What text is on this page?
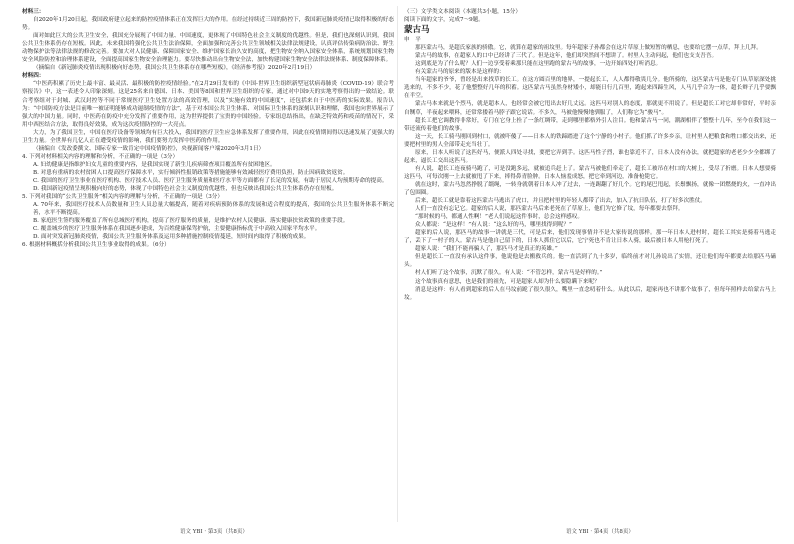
材料三：

自2020年1月20日起，我国政府建立起来的防控疫情体系正在发挥巨大的作用。在经过持续近三周的防控下，我国新冠肺炎疫情已取得积极的好态势。

面对如此巨大的公共卫生安全，我国充分展现了中国力量、中国速度，更体现了中国特色社会主义制度的优越性。但是，我们也深刻认识到，我国公共卫生体系仍存在短板。因此，未来我国将强化公共卫生法治保障，全面加强和完善公共卫生领域相关法律法规建设，认真评估传染病防治法、野生动物保护法等法律法规的修改完善。要加大对人民健康、保障国家安全、维护国家长治久安的高度，把生物安全纳入国家安全体系，系统规划国家生物安全风险防控和治理体系建设，全面提高国家生物安全治理能力。要尽快推动出台生物安全法，加快构建国家生物安全法律法规体系、制度保障体系。

（摘编自《新冠肺炎疫情出现积极向好态势，我国公共卫生体系存在哪些短板》，《经济参考报》2020年2月19日）

材料四：

“中医药积累了历史上最丰富、最灵活、最积极的防控疫情经验。”在2月29日发布的《中国-世界卫生组织新型冠状病毒肺炎（COVID-19）联合考察报告》中，这一表述令人印象深刻。这是25名来自德国、日本、美国等8国和世界卫生组织的专家，通过对中国9天的实地考察得出的一致结论。联合考察组对于封城、武汉封控等不同于常规医疗卫生处置方法的高效管理，以及“实施有效的中国速度”，还包括来自于中医药的实际效果。报告认为：“中国防疫方法是目前唯一被证明能够成功遏制疫情的方法”，基于对本国公共卫生体系、对国际卫生体系的深刻认识和理解，我国也向世界展示了强大的中国力量。同时，中医药在防疫中充分发挥了重要作用，这为世界提供了宝贵的中国经验。专家组总结指出，在缺乏特效药和疫苗的情况下，采用中西医结合方法，取得良好效果，成为这次疫情防控的一大亮点。

大力，为了我国卫生，中国在医疗设备等领域均有巨大投入，我国的医疗卫生应急体系发挥了重要作用，因此在疫情期间得以迅速发展了更强大的卫生力量。全世界有几亿人正在遭受疫情的影响，我们要努力发挥中医药的作用。

（摘编自《发改委撰文、国际专家一致肯定中国疫情防控》，央视新闻客户端2020年3月1日）

4. 下列对材料相关内容的理解和分析，不正确的一项是（3分）

A. 妇幼健康是指维护妇女儿童的重要内容，是我国实现了新生儿疾病筛查项目覆盖所有贫困地区。

B. 对患有重病的农村贫困人口提高医疗保障水平，实行倾斜性报销政策等措施能够有效减轻医疗费用负担，防止因病致贫返贫。

C. 我国的医疗卫生事业在医疗机构、医疗技术人员、医疗卫生服务质量和医疗水平等方面都有了长足的发展，有助于居民人均预期寿命的提高。

D. 我国新冠疫情呈现积极向好的态势，体现了中国特色社会主义制度的优越性，但也反映出我国公共卫生体系仍存在短板。

5. 下列对我国的“公共卫生服务”相关内容的理解与分析，不正确的一项是（3分）

A. 70年来，我国医疗技术人员数量和卫生人员总量大幅提高，随着对疾病预防体系的发展和适合程度的提高，我国的公共卫生服务体系不断完善，水平不断提高。

B. 家庭医生签约服务覆盖了所有总城医疗机构，提高了医疗服务的质量，是维护农村人民健康、落实健康扶贫政策的重要手段。

C. 覆盖城乡的医疗卫生服务体系在我国逐步建成，为百姓健康保驾护航，主要健康指标优于中高收入国家平均水平。

D. 面对突发新冠肺炎疫情，我国公共卫生服务体系及运用多种措施控制疫情蔓延，短时间内取得了积极的成果。

6. 根据材料概括分析我国公共卫生事业取得的成果。（6分）

（三）文学类文本阅读（本题共3小题，15分）

阅读下面的文字，完成7～9题。

蒙古马

申　平

那匹蒙古马，是超氏家族的骄傲。它，就算在超家的祖坟里。每年超家子孙都会在这片草原上做短暂的栖息，也要给它摆一点草，拜上几拜。

蒙古马的故事，在超家人的口中已经讲了三代了。但是这年，他们却突然间不想讲了。村里人主动问起，他们也支支吾吾。

这到底是为了什么呢？人们一边享受着乘那只能在这里跑的蒙古马的故事，一边开始四处打听消息。

有关蒙古马的原来的版本是这样的：

当年超家的爷爷，曾经是出来找草的长工。在这方圆百里的地界，一提起长工，人人都得敬畏几分。他所骑的，这匹蒙古马是他专门从草原深处挑选来的，不多不少，花了他整整好几年的积蓄。这匹蒙古马虽然身材矮小，却能日行几百里，跑起来四蹄生风，人马几乎合为一体，超长辫子几乎要飘在半空。

蒙古马本来就是个烈马，就是超本人，也经常会被它甩出去好几丈远。这匹马对别人的态度，那就更不用说了。但是超长工对它却非常好，平时亲自铡草，半夜起来喂料，还常常搂着马脖子跟它说话。不多久，马被他慢慢地驯服了，人们称它为“骏马”。

超长工把它调教得非常好，专门在它身上拴了一条红绸带，走到哪里都格外引人注目。他和蒙古马一同，潮湖相伴了整整十几年，至今在我们这一带还流传着他们的故事。

这一天，长工骑马刚回到村口，就被吓傻了——日本人的铁蹄踏进了这个宁静的小村子。他们抓了许多乡亲，让村里人把粮食和牲口都交出来，还要把村里的男人全部带走充当壮丁。

原来，日本人听说了这匹好马，便派人四处寻找，要把它弄到手。这匹马性子烈，谁也靠近不了，日本人没有办法，就把超家的老老少少全都绑了起来，逼长工交出这匹马。

有人说，超长工连夜骑马跑了，可是没跑多远，就被追兵赶上了。蒙古马被他们牵走了，超长工被吊在村口的大树上，受尽了折磨。日本人想要骑这匹马，可每次刚一上去就被甩了下来，摔得鼻青脸肿。日本人恼羞成怒，把它牵到河边，准备枪毙它。

就在这时，蒙古马忽然挣脱了缰绳，一转身就朝着日本人冲了过去，一连踢翻了好几个。它的尾巴甩起，长鬃飘扬，就像一团燃烧的火，一直冲出了包围圈。

后来，超长工就是靠着这匹蒙古马逃出了虎口，并且把村里的年轻人都带了出去，加入了抗日队伍，打了好多次胜仗。

人们一直没有忘记它。超家的后人说，那匹蒙古马后来老死在了草原上，他们为它修了坟，每年都要去祭拜。

“那时候的马，都通人性啊！”老人们说起这件事时，总会这样感叹。

众人都说：“是这样！”有人说：“这么好的马，哪里找得到呢？”

超家的后人说，那匹马的故事一讲就是三代，可是后来，他们发现事情并不是大家传说的那样。那一年日本人进村时，超长工其实是骑着马逃走了，丢下了一村子的人。蒙古马是他自己留下的，日本人抓住它以后，它宁死也不肯让日本人骑，最后被日本人用枪打死了。

超家人说：“我们不能再骗人了，那匹马才是真正的英雄。”

但是超长工一直没有承认这件事，他说他是去搬救兵的。他一直活到了九十多岁，临终前才对儿孙说出了实情，还让他们每年都要去给那匹马磕头。

村人们听了这个故事，沉默了很久。有人说：“不管怎样，蒙古马是好样的。”

这个故事真有意思，也是我们的祖先，可是超家人却为什么要隐瞒下来呢？

消息是这样：有人看到超家的后人在马坟前跪了很久很久，嘴里一直念叨着什么。从此以后，超家再也不讲那个故事了，但每年照样去给蒙古马上坟。

语文 YBI · 第3页（共8页）	语文 YBI · 第4页（共8页）
